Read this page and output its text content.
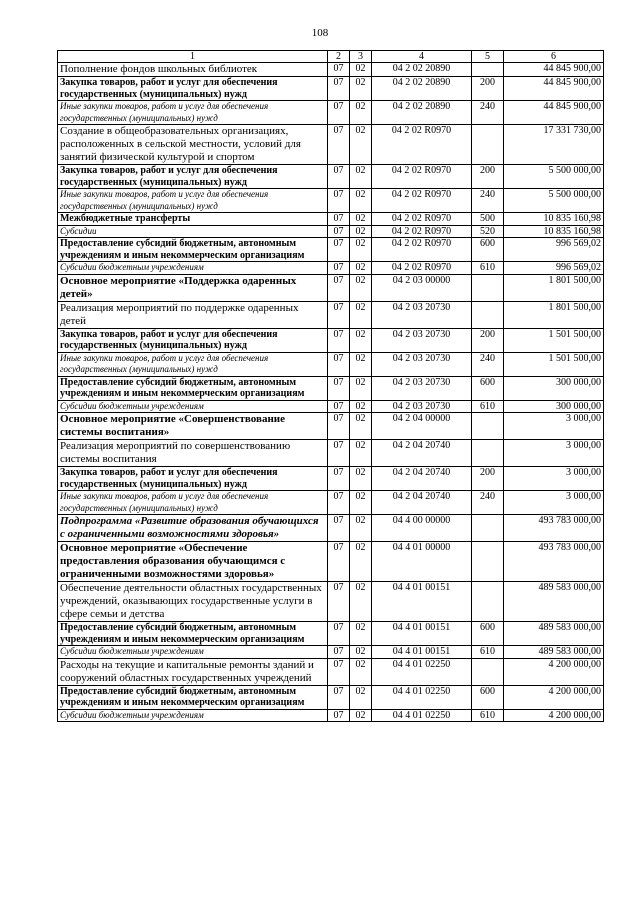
108
1	2	3	4	5	6
Пополнение фондов школьных библиотек	07	02	04 2 02 20890		44 845 900,00
Закупка товаров, работ и услуг для обеспечения государственных (муниципальных) нужд	07	02	04 2 02 20890	200	44 845 900,00
Иные закупки товаров, работ и услуг для обеспечения государственных (муниципальных) нужд	07	02	04 2 02 20890	240	44 845 900,00
Создание в общеобразовательных организациях, расположенных в сельской местности, условий для занятий физической культурой и спортом	07	02	04 2 02 R0970		17 331 730,00
Закупка товаров, работ и услуг для обеспечения государственных (муниципальных) нужд	07	02	04 2 02 R0970	200	5 500 000,00
Иные закупки товаров, работ и услуг для обеспечения государственных (муниципальных) нужд	07	02	04 2 02 R0970	240	5 500 000,00
Межбюджетные трансферты	07	02	04 2 02 R0970	500	10 835 160,98
Субсидии	07	02	04 2 02 R0970	520	10 835 160,98
Предоставление субсидий бюджетным, автономным учреждениям и иным некоммерческим организациям	07	02	04 2 02 R0970	600	996 569,02
Субсидии бюджетным учреждениям	07	02	04 2 02 R0970	610	996 569,02
Основное мероприятие «Поддержка одаренных детей»	07	02	04 2 03 00000		1 801 500,00
Реализация мероприятий по поддержке одаренных детей	07	02	04 2 03 20730		1 801 500,00
Закупка товаров, работ и услуг для обеспечения государственных (муниципальных) нужд	07	02	04 2 03 20730	200	1 501 500,00
Иные закупки товаров, работ и услуг для обеспечения государственных (муниципальных) нужд	07	02	04 2 03 20730	240	1 501 500,00
Предоставление субсидий бюджетным, автономным учреждениям и иным некоммерческим организациям	07	02	04 2 03 20730	600	300 000,00
Субсидии бюджетным учреждениям	07	02	04 2 03 20730	610	300 000,00
Основное мероприятие «Совершенствование системы воспитания»	07	02	04 2 04 00000		3 000,00
Реализация мероприятий по совершенствованию системы воспитания	07	02	04 2 04 20740		3 000,00
Закупка товаров, работ и услуг для обеспечения государственных (муниципальных) нужд	07	02	04 2 04 20740	200	3 000,00
Иные закупки товаров, работ и услуг для обеспечения государственных (муниципальных) нужд	07	02	04 2 04 20740	240	3 000,00
Подпрограмма «Развитие образования обучающихся с ограниченными возможностями здоровья»	07	02	04 4 00 00000		493 783 000,00
Основное мероприятие «Обеспечение предоставления образования обучающимся с ограниченными возможностями здоровья»	07	02	04 4 01 00000		493 783 000,00
Обеспечение деятельности областных государственных учреждений, оказывающих государственные услуги в сфере семьи и детства	07	02	04 4 01 00151		489 583 000,00
Предоставление субсидий бюджетным, автономным учреждениям и иным некоммерческим организациям	07	02	04 4 01 00151	600	489 583 000,00
Субсидии бюджетным учреждениям	07	02	04 4 01 00151	610	489 583 000,00
Расходы на текущие и капитальные ремонты зданий и сооружений областных государственных учреждений	07	02	04 4 01 02250		4 200 000,00
Предоставление субсидий бюджетным, автономным учреждениям и иным некоммерческим организациям	07	02	04 4 01 02250	600	4 200 000,00
Субсидии бюджетным учреждениям	07	02	04 4 01 02250	610	4 200 000,00
